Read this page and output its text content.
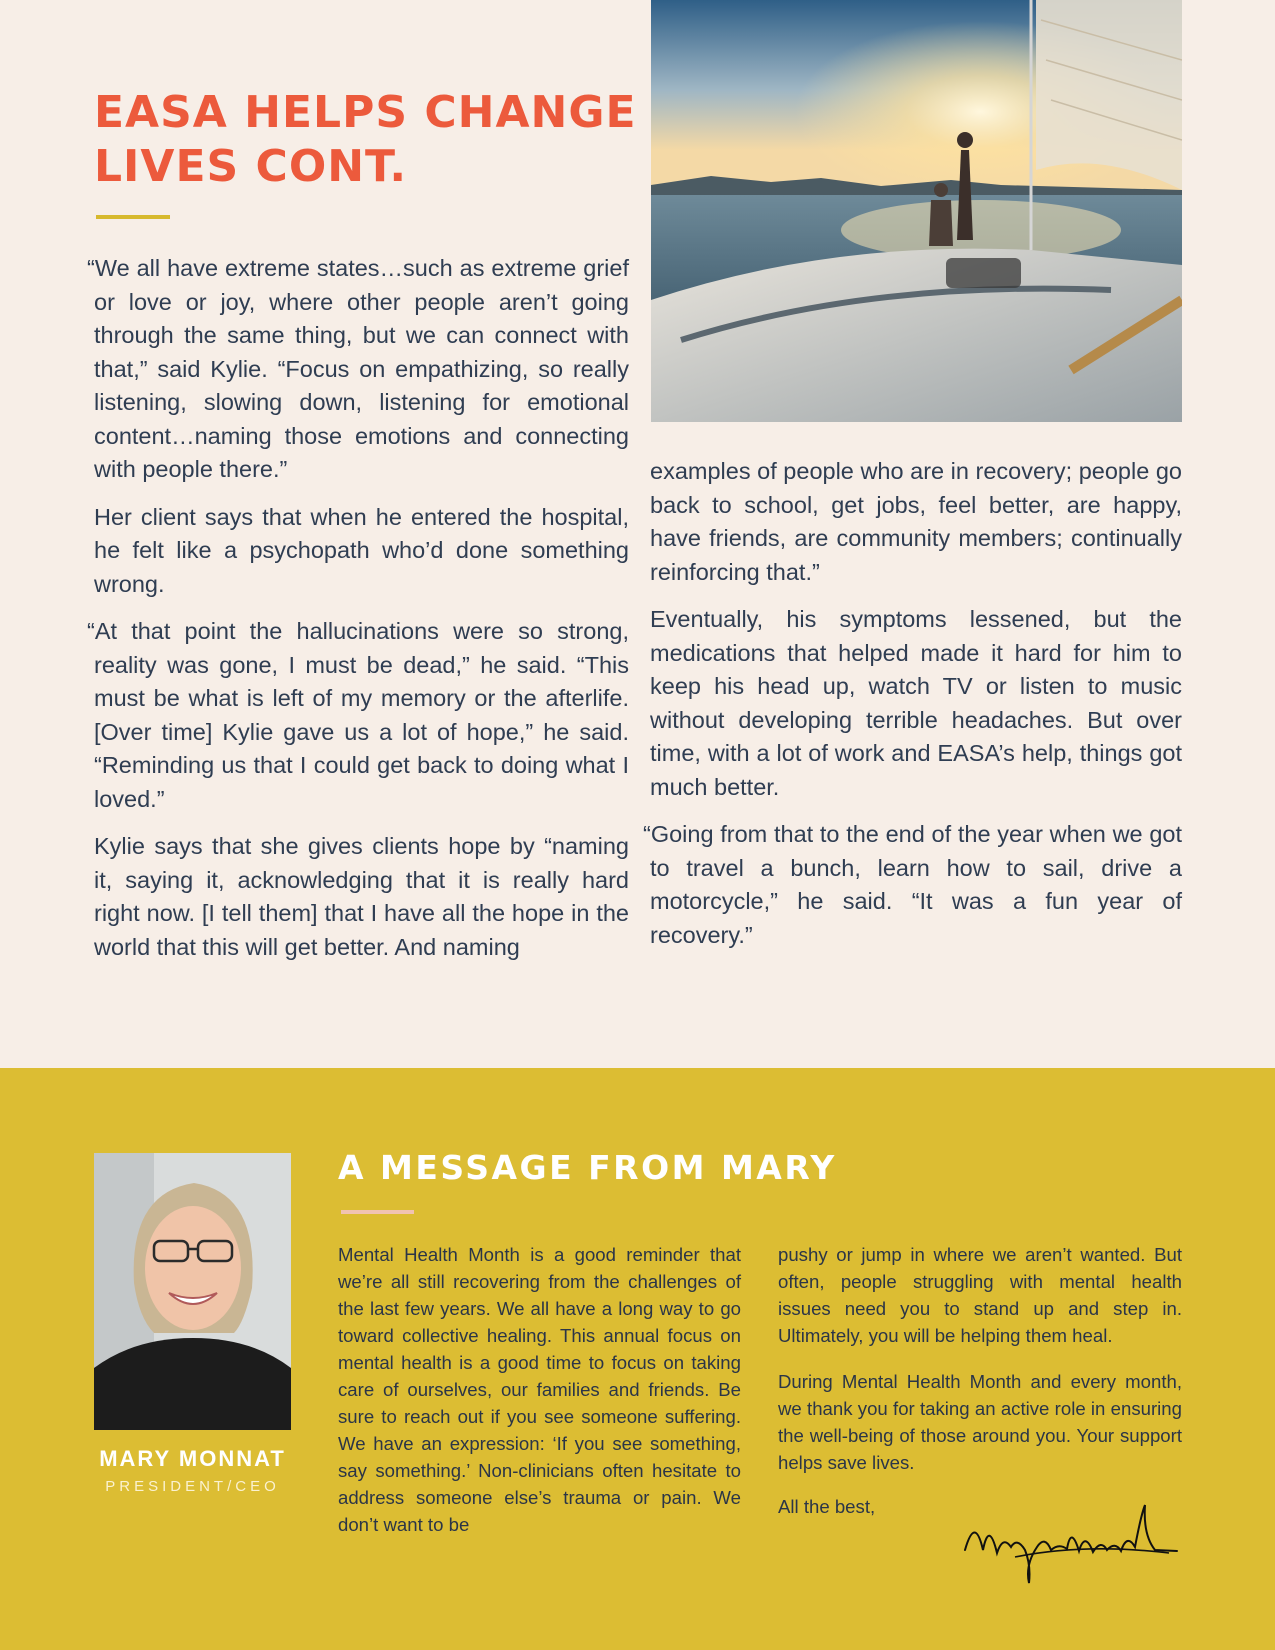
EASA HELPS CHANGE LIVES CONT.

“We all have extreme states…such as extreme grief or love or joy, where other people aren’t going through the same thing, but we can connect with that,” said Kylie. “Focus on empathizing, so really listening, slowing down, listening for emotional content…naming those emotions and connecting with people there.”

Her client says that when he entered the hospital, he felt like a psychopath who’d done something wrong.

“At that point the hallucinations were so strong, reality was gone, I must be dead,” he said. “This must be what is left of my memory or the afterlife. [Over time] Kylie gave us a lot of hope,” he said. “Reminding us that I could get back to doing what I loved.”

Kylie says that she gives clients hope by “naming it, saying it, acknowledging that it is really hard right now. [I tell them] that I have all the hope in the world that this will get better. And naming

examples of people who are in recovery; people go back to school, get jobs, feel better, are happy, have friends, are community members; continually reinforcing that.”

Eventually, his symptoms lessened, but the medications that helped made it hard for him to keep his head up, watch TV or listen to music without developing terrible headaches. But over time, with a lot of work and EASA’s help, things got much better.

“Going from that to the end of the year when we got to travel a bunch, learn how to sail, drive a motorcycle,” he said. “It was a fun year of recovery.”

MARY MONNAT
PRESIDENT/CEO
A MESSAGE FROM MARY

Mental Health Month is a good reminder that we’re all still recovering from the challenges of the last few years. We all have a long way to go toward collective healing. This annual focus on mental health is a good time to focus on taking care of ourselves, our families and friends. Be sure to reach out if you see someone suffering. We have an expression: ‘If you see something, say something.’ Non-clinicians often hesitate to address someone else’s trauma or pain. We don’t want to be

pushy or jump in where we aren’t wanted. But often, people struggling with mental health issues need you to stand up and step in. Ultimately, you will be helping them heal.

During Mental Health Month and every month, we thank you for taking an active role in ensuring the well-being of those around you. Your support helps save lives.

All the best,
